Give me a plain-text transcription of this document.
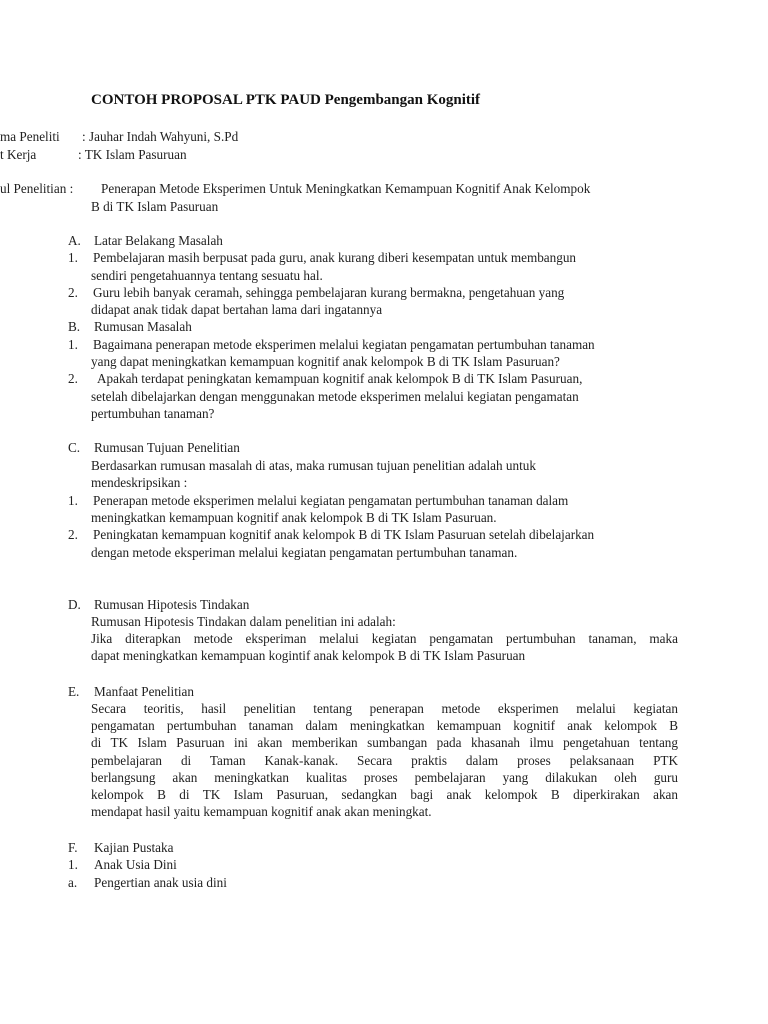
CONTOH PROPOSAL PTK PAUD Pengembangan Kognitif
ma Peneliti : Jauhar Indah Wahyuni, S.Pd
t Kerja	: TK Islam Pasuruan
ul Penelitian : Penerapan Metode Eksperimen Untuk Meningkatkan Kemampuan Kognitif Anak Kelompok
B di TK Islam Pasuruan
A. Latar Belakang Masalah
1. Pembelajaran masih berpusat pada guru, anak kurang diberi kesempatan untuk membangun
sendiri pengetahuannya tentang sesuatu hal.
2. Guru lebih banyak ceramah, sehingga pembelajaran kurang bermakna, pengetahuan yang
didapat anak tidak dapat bertahan lama dari ingatannya
B. Rumusan Masalah
1. Bagaimana penerapan metode eksperimen melalui kegiatan pengamatan pertumbuhan tanaman
yang dapat meningkatkan kemampuan kognitif anak kelompok B di TK Islam Pasuruan?
2. Apakah terdapat peningkatan kemampuan kognitif anak kelompok B di TK Islam Pasuruan,
setelah dibelajarkan dengan menggunakan metode eksperimen melalui kegiatan pengamatan
pertumbuhan tanaman?
C. Rumusan Tujuan Penelitian
Berdasarkan rumusan masalah di atas, maka rumusan tujuan penelitian adalah untuk
mendeskripsikan :
1. Penerapan metode eksperimen melalui kegiatan pengamatan pertumbuhan tanaman dalam
meningkatkan kemampuan kognitif anak kelompok B di TK Islam Pasuruan.
2. Peningkatan kemampuan kognitif anak kelompok B di TK Islam Pasuruan setelah dibelajarkan
dengan metode eksperiman melalui kegiatan pengamatan pertumbuhan tanaman.
D. Rumusan Hipotesis Tindakan
Rumusan Hipotesis Tindakan dalam penelitian ini adalah:
Jika diterapkan metode eksperiman melalui kegiatan pengamatan pertumbuhan tanaman, maka
dapat meningkatkan kemampuan kogintif anak kelompok B di TK Islam Pasuruan
E. Manfaat Penelitian
Secara teoritis, hasil penelitian tentang penerapan metode eksperimen melalui kegiatan
pengamatan pertumbuhan tanaman dalam meningkatkan kemampuan kognitif anak kelompok B
di TK Islam Pasuruan ini akan memberikan sumbangan pada khasanah ilmu pengetahuan tentang
pembelajaran di Taman Kanak-kanak. Secara praktis dalam proses pelaksanaan PTK
berlangsung akan meningkatkan kualitas proses pembelajaran yang dilakukan oleh guru
kelompok B di TK Islam Pasuruan, sedangkan bagi anak kelompok B diperkirakan akan
mendapat hasil yaitu kemampuan kognitif anak akan meningkat.
F. Kajian Pustaka
1. Anak Usia Dini
a. Pengertian anak usia dini
